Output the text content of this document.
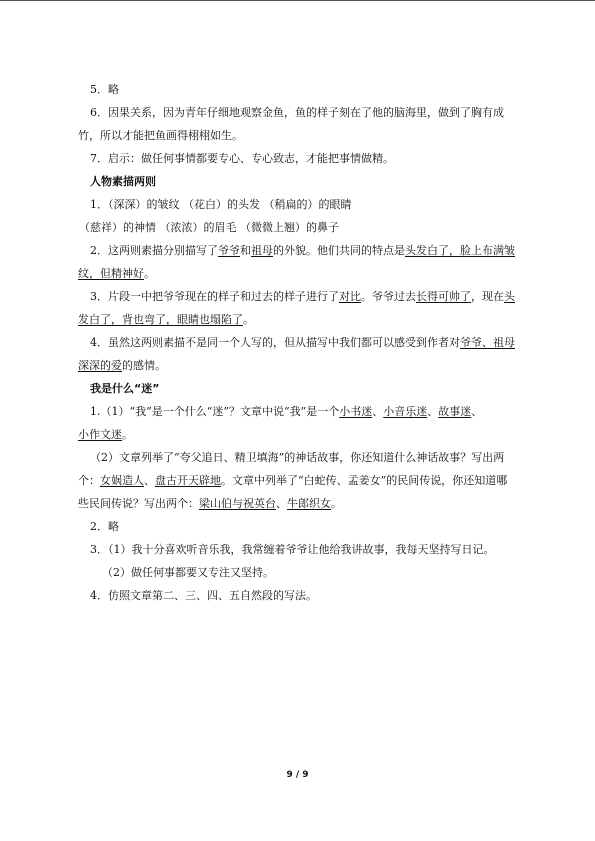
5．略

6．因果关系，因为青年仔细地观察金鱼，鱼的样子刻在了他的脑海里，做到了胸有成

竹，所以才能把鱼画得栩栩如生。

7．启示：做任何事情都要专心、专心致志，才能把事情做精。

人物素描两则

1．（深深）的皱纹 （花白）的头发 （稍扁的）的眼睛

（慈祥）的神情 （浓浓）的眉毛 （微微上翘）的鼻子

2．这两则素描分别描写了爷爷和祖母的外貌。他们共同的特点是头发白了，脸上布满皱

纹，但精神好。

3．片段一中把爷爷现在的样子和过去的样子进行了对比。爷爷过去长得可帅了，现在头

发白了，背也弯了，眼睛也塌陷了。

4．虽然这两则素描不是同一个人写的，但从描写中我们都可以感受到作者对爷爷、祖母

深深的爱的感情。

我是什么“迷”

1.（1）“我”是一个什么“迷”？文章中说“我”是一个小书迷、小音乐迷、故事迷、

小作文迷。

（2）文章列举了“夸父追日、精卫填海”的神话故事，你还知道什么神话故事？写出两

个：女娲造人、盘古开天辟地。文章中列举了“白蛇传、孟姜女”的民间传说，你还知道哪

些民间传说？写出两个：梁山伯与祝英台、牛郎织女。

2．略

3．（1）我十分喜欢听音乐我，我常缠着爷爷让他给我讲故事，我每天坚持写日记。

（2）做任何事都要又专注又坚持。

4．仿照文章第二、三、四、五自然段的写法。

9 / 9
